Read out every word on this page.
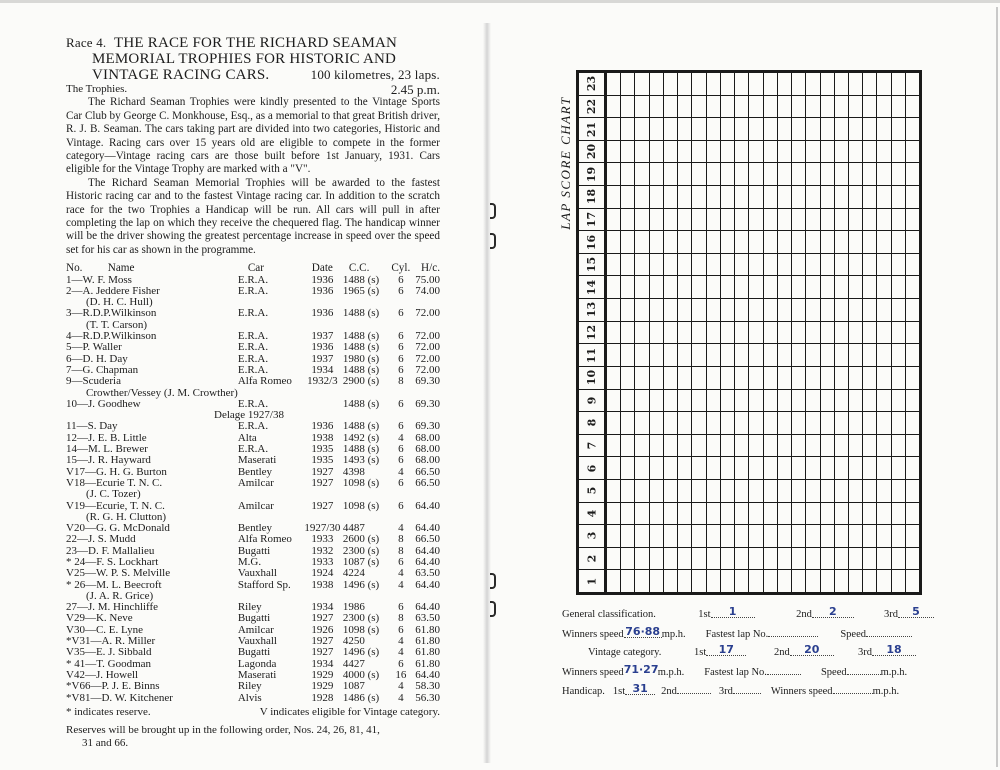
Race 4. THE RACE FOR THE RICHARD SEAMAN
MEMORIAL TROPHIES FOR HISTORIC AND
VINTAGE RACING CARS.	100 kilometres, 23 laps.
The Trophies.	2.45 p.m.

The Richard Seaman Trophies were kindly presented to the Vintage Sports Car Club by George C. Monkhouse, Esq., as a memorial to that great British driver, R. J. B. Seaman. The cars taking part are divided into two categories, Historic and Vintage. Racing cars over 15 years old are eligible to compete in the former category—Vintage racing cars are those built before 1st January, 1931. Cars eligible for the Vintage Trophy are marked with a "V".

The Richard Seaman Memorial Trophies will be awarded to the fastest Historic racing car and to the fastest Vintage racing car. In addition to the scratch race for the two Trophies a Handicap will be run. All cars will pull in after completing the lap on which they receive the chequered flag. The handicap winner will be the driver showing the greatest percentage increase in speed over the speed set for his car as shown in the programme.

No.	Name	Car	Date	C.C.	Cyl.	H/c.
1—W. F. Moss		E.R.A.	1936	1488 (s)	6	75.00
2—A. Jeddere Fisher
(D. H. C. Hull)		E.R.A.	1936	1965 (s)	6	74.00
3—R.D.P.Wilkinson
(T. T. Carson)		E.R.A.	1936	1488 (s)	6	72.00
4—R.D.P.Wilkinson		E.R.A.	1937	1488 (s)	6	72.00
5—P. Waller		E.R.A.	1936	1488 (s)	6	72.00
6—D. H. Day		E.R.A.	1937	1980 (s)	6	72.00
7—G. Chapman		E.R.A.	1934	1488 (s)	6	72.00
9—Scuderia
Crowther/Vessey (J. M. Crowther)		Alfa Romeo	1932/3	2900 (s)	8	69.30
10—J. Goodhew		E.R.A.		1488 (s)	6	69.30
Delage 1927/38						
11—S. Day		E.R.A.	1936	1488 (s)	6	69.30
12—J. E. B. Little		Alta	1938	1492 (s)	4	68.00
14—M. L. Brewer		E.R.A.	1935	1488 (s)	6	68.00
15—J. R. Hayward		Maserati	1935	1493 (s)	6	68.00
V17—G. H. G. Burton		Bentley	1927	4398	4	66.50
V18—Ecurie T. N. C.
(J. C. Tozer)		Amilcar	1927	1098 (s)	6	66.50
V19—Ecurie, T. N. C.
(R. G. H. Clutton)		Amilcar	1927	1098 (s)	6	64.40
V20—G. G. McDonald		Bentley	1927/30	4487	4	64.40
22—J. S. Mudd		Alfa Romeo	1933	2600 (s)	8	66.50
23—D. F. Mallalieu		Bugatti	1932	2300 (s)	8	64.40
* 24—F. S. Lockhart		M.G.	1933	1087 (s)	6	64.40
V25—W. P. S. Melville		Vauxhall	1924	4224	4	63.50
* 26—M. L. Beecroft
(J. A. R. Grice)		Stafford Sp.	1938	1496 (s)	4	64.40
27—J. M. Hinchliffe		Riley	1934	1986	6	64.40
V29—K. Neve		Bugatti	1927	2300 (s)	8	63.50
V30—C. E. Lyne		Amilcar	1926	1098 (s)	6	61.80
*V31—A. R. Miller		Vauxhall	1927	4250	4	61.80
V35—E. J. Sibbald		Bugatti	1927	1496 (s)	4	61.80
* 41—T. Goodman		Lagonda	1934	4427	6	61.80
V42—J. Howell		Maserati	1929	4000 (s)	16	64.40
*V66—P. J. E. Binns		Riley	1929	1087	4	58.30
*V81—D. W. Kitchener		Alvis	1928	1486 (s)	4	56.30
* indicates reserve.	V indicates eligible for Vintage category.
Reserves will be brought up in the following order, Nos. 24, 26, 81, 41,
31 and 66.
LAP SCORE CHART
23
22
21
20
19
18
17
16
15
14
13
12
11
10
9
8
7
6
5
4
3
2
1
General classification.	1st	1	2nd	2	3rd	5
Winners speed 76·88 mp.h. Fastest lap No.	Speed
Vintage category.	1st	17	2nd	20	3rd	18
Winners speed 71·27 m.p.h. Fastest lap No.	Speed	m.p.h.
Handicap. 1st 31	2nd	3rd	Winners speed	m.p.h.
